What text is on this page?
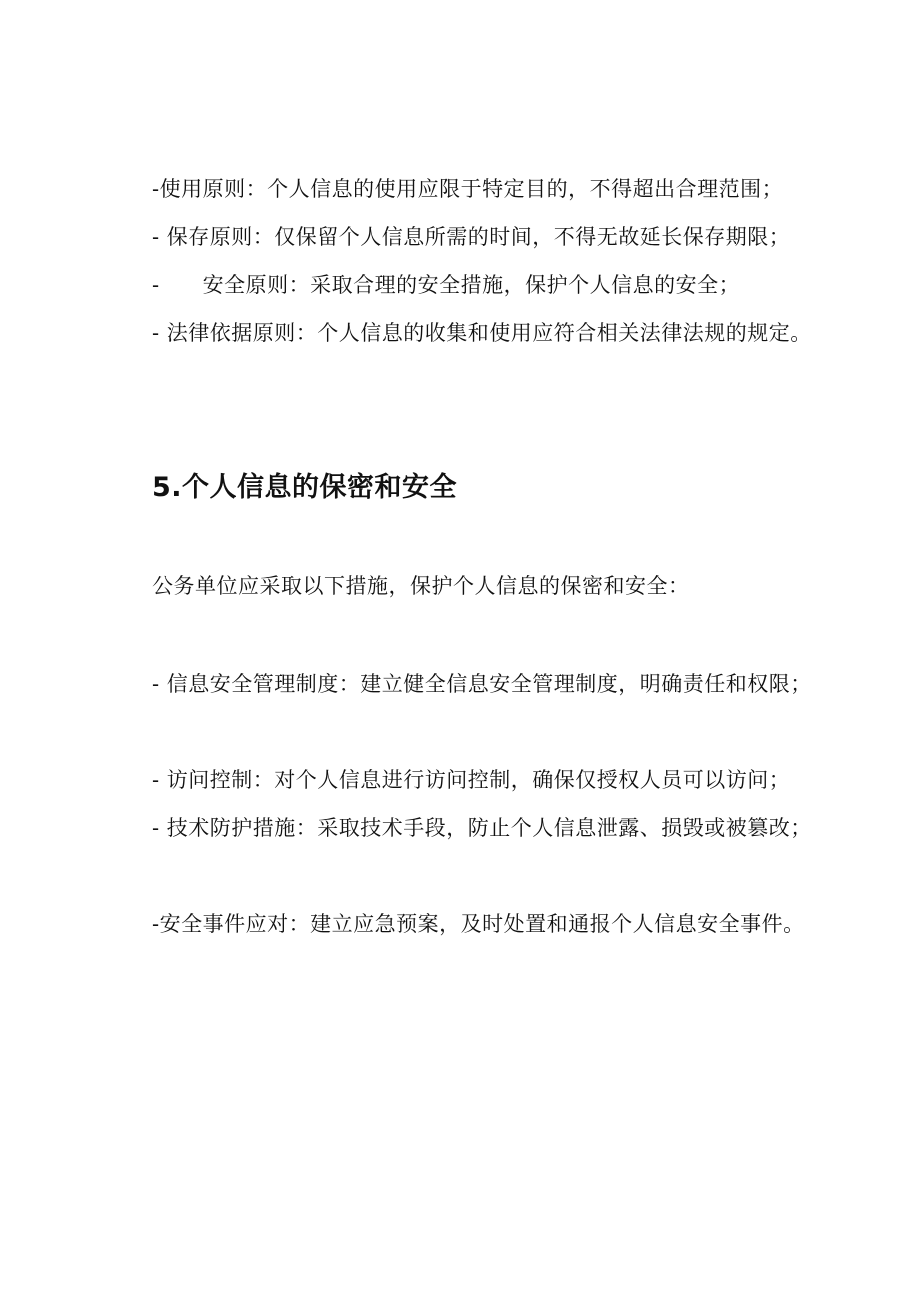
-使用原则：个人信息的使用应限于特定目的，不得超出合理范围；

- 保存原则：仅保留个人信息所需的时间，不得无故延长保存期限；

-　　安全原则：采取合理的安全措施，保护个人信息的安全；

- 法律依据原则：个人信息的收集和使用应符合相关法律法规的规定。

5.个人信息的保密和安全

公务单位应采取以下措施，保护个人信息的保密和安全：

- 信息安全管理制度：建立健全信息安全管理制度，明确责任和权限；

- 访问控制：对个人信息进行访问控制，确保仅授权人员可以访问；

- 技术防护措施：采取技术手段，防止个人信息泄露、损毁或被篡改；

-安全事件应对：建立应急预案，及时处置和通报个人信息安全事件。
